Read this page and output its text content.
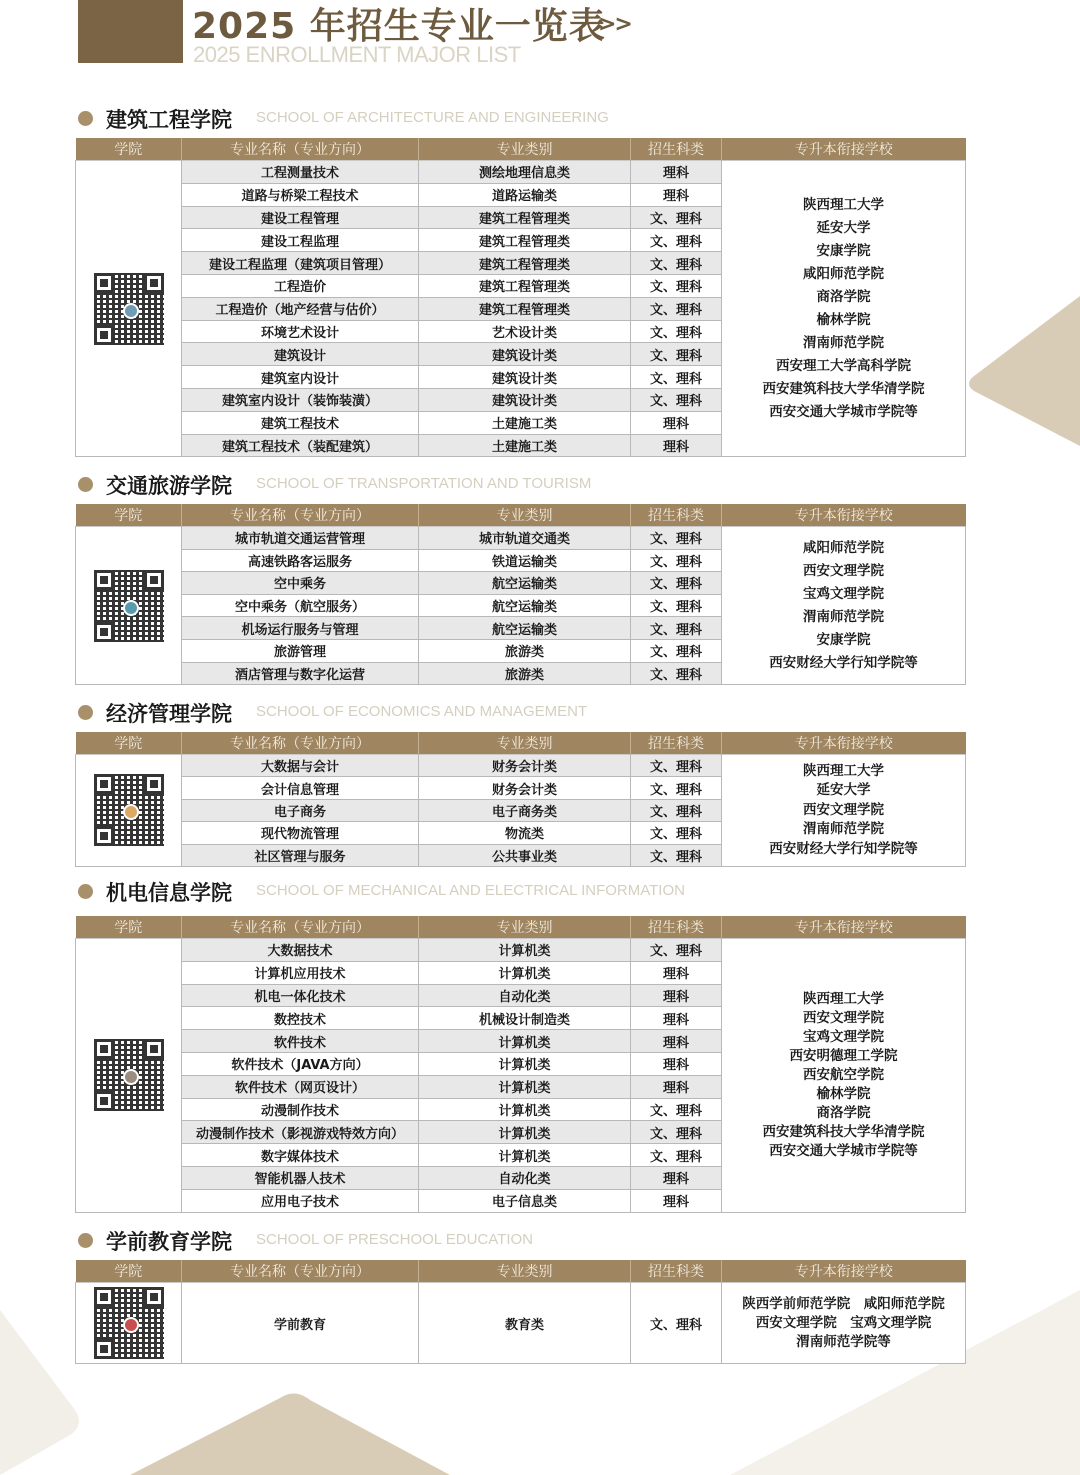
2025 年招生专业一览表
>>
2025 ENROLLMENT MAJOR LIST
建筑工程学院 SCHOOL OF ARCHITECTURE AND ENGINEERING
学院	专业名称（专业方向）	专业类别	招生科类	专升本衔接学校

	工程测量技术	测绘地理信息类	理科	
陕西理工大学
延安大学
安康学院
咸阳师范学院
商洛学院
榆林学院
渭南师范学院
西安理工大学高科学院
西安建筑科技大学华清学院
西安交通大学城市学院等

	道路与桥梁工程技术	道路运输类	理科	
	建设工程管理	建筑工程管理类	文、理科	
	建设工程监理	建筑工程管理类	文、理科	
	建设工程监理（建筑项目管理）	建筑工程管理类	文、理科	
	工程造价	建筑工程管理类	文、理科	
	工程造价（地产经营与估价）	建筑工程管理类	文、理科	
	环境艺术设计	艺术设计类	文、理科	
	建筑设计	建筑设计类	文、理科	
	建筑室内设计	建筑设计类	文、理科	
	建筑室内设计（装饰装潢）	建筑设计类	文、理科	
	建筑工程技术	土建施工类	理科	
	建筑工程技术（装配建筑）	土建施工类	理科	
交通旅游学院 SCHOOL OF TRANSPORTATION AND TOURISM
学院	专业名称（专业方向）	专业类别	招生科类	专升本衔接学校

	城市轨道交通运营管理	城市轨道交通类	文、理科	咸阳师范学院
西安文理学院
宝鸡文理学院
渭南师范学院
安康学院
西安财经大学行知学院等

	高速铁路客运服务	铁道运输类	文、理科	
	空中乘务	航空运输类	文、理科	
	空中乘务（航空服务）	航空运输类	文、理科	
	机场运行服务与管理	航空运输类	文、理科	
	旅游管理	旅游类	文、理科	
	酒店管理与数字化运营	旅游类	文、理科	
经济管理学院 SCHOOL OF ECONOMICS AND MANAGEMENT
学院	专业名称（专业方向）	专业类别	招生科类	专升本衔接学校

	大数据与会计	财务会计类	文、理科	陕西理工大学
延安大学
西安文理学院
渭南师范学院
西安财经大学行知学院等

	会计信息管理	财务会计类	文、理科	
	电子商务	电子商务类	文、理科	
	现代物流管理	物流类	文、理科	
	社区管理与服务	公共事业类	文、理科	
机电信息学院 SCHOOL OF MECHANICAL AND ELECTRICAL INFORMATION
学院	专业名称（专业方向）	专业类别	招生科类	专升本衔接学校

	大数据技术	计算机类	文、理科	
陕西理工大学
西安文理学院
宝鸡文理学院
西安明德理工学院
西安航空学院
榆林学院
商洛学院
西安建筑科技大学华清学院
西安交通大学城市学院等

	计算机应用技术	计算机类	理科	
	机电一体化技术	自动化类	理科	
	数控技术	机械设计制造类	理科	
	软件技术	计算机类	理科	
	软件技术（JAVA方向）	计算机类	理科	
	软件技术（网页设计）	计算机类	理科	
	动漫制作技术	计算机类	文、理科	
	动漫制作技术（影视游戏特效方向）	计算机类	文、理科	
	数字媒体技术	计算机类	文、理科	
	智能机器人技术	自动化类	理科	
	应用电子技术	电子信息类	理科	
学前教育学院 SCHOOL OF PRESCHOOL EDUCATION
学院	专业名称（专业方向）	专业类别	招生科类	专升本衔接学校

	学前教育	教育类	文、理科	陕西学前师范学院　咸阳师范学院
西安文理学院　宝鸡文理学院
渭南师范学院等
